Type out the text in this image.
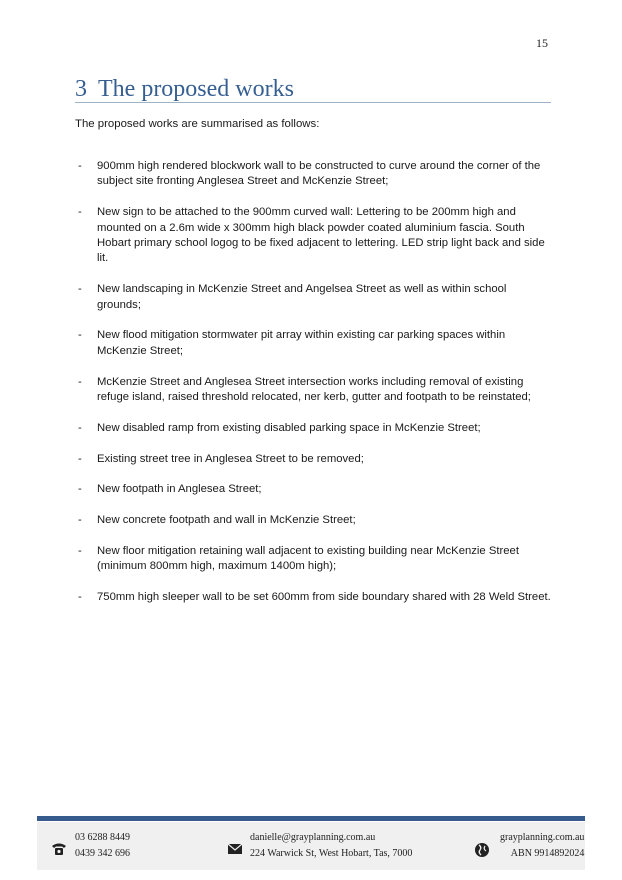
15
3 The proposed works
The proposed works are summarised as follows:
- 900mm high rendered blockwork wall to be constructed to curve around the corner of the subject site fronting Anglesea Street and McKenzie Street;
- New sign to be attached to the 900mm curved wall: Lettering to be 200mm high and mounted on a 2.6m wide x 300mm high black powder coated aluminium fascia. South Hobart primary school logog to be fixed adjacent to lettering. LED strip light back and side lit.
- New landscaping in McKenzie Street and Angelsea Street as well as within school grounds;
- New flood mitigation stormwater pit array within existing car parking spaces within McKenzie Street;
- McKenzie Street and Anglesea Street intersection works including removal of existing refuge island, raised threshold relocated, ner kerb, gutter and footpath to be reinstated;
- New disabled ramp from existing disabled parking space in McKenzie Street;
- Existing street tree in Anglesea Street to be removed;
- New footpath in Anglesea Street;
- New concrete footpath and wall in McKenzie Street;
- New floor mitigation retaining wall adjacent to existing building near McKenzie Street (minimum 800mm high, maximum 1400m high);
- 750mm high sleeper wall to be set 600mm from side boundary shared with 28 Weld Street.
03 6288 8449
0439 342 696
danielle@grayplanning.com.au
224 Warwick St, West Hobart, Tas, 7000
grayplanning.com.au
ABN 9914892024
